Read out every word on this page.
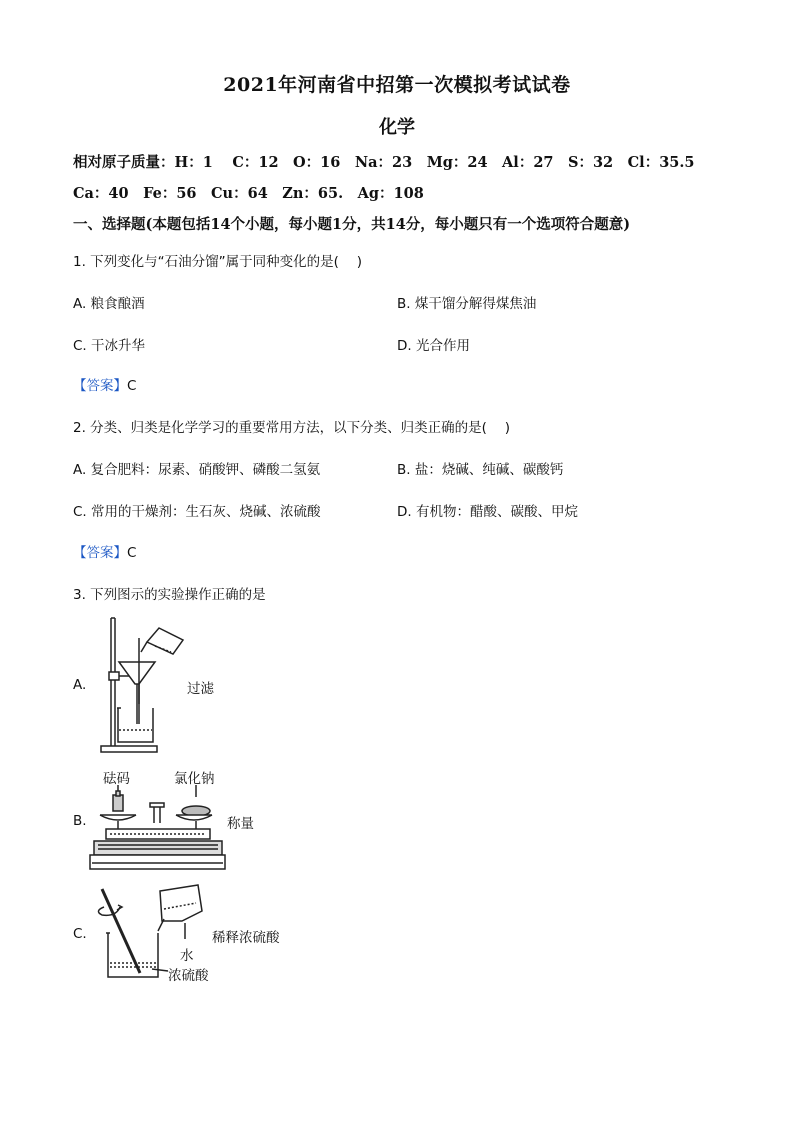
2021年河南省中招第一次模拟考试试卷
化学
相对原子质量：H：1　 C：12　O：16　Na：23　Mg：24　Al：27　S：32　Cl：35.5
Ca：40　Fe：56　Cu：64　Zn：65.　Ag：108
一、选择题(本题包括14个小题，每小题1分，共14分，每小题只有一个选项符合题意)
1. 下列变化与“石油分馏”属于同种变化的是(　 )
A. 粮食酿酒	B. 煤干馏分解得煤焦油
C. 干冰升华	D. 光合作用
【答案】C
2. 分类、归类是化学学习的重要常用方法，以下分类、归类正确的是(　 )
A. 复合肥料：尿素、硝酸钾、磷酸二氢氨	B. 盐：烧碱、纯碱、碳酸钙
C. 常用的干燥剂：生石灰、烧碱、浓硫酸	D. 有机物：醋酸、碳酸、甲烷
【答案】C
3. 下列图示的实验操作正确的是
A.	过滤
砝码	氯化钠
B.	称量
C.	稀释浓硫酸
水
浓硫酸
